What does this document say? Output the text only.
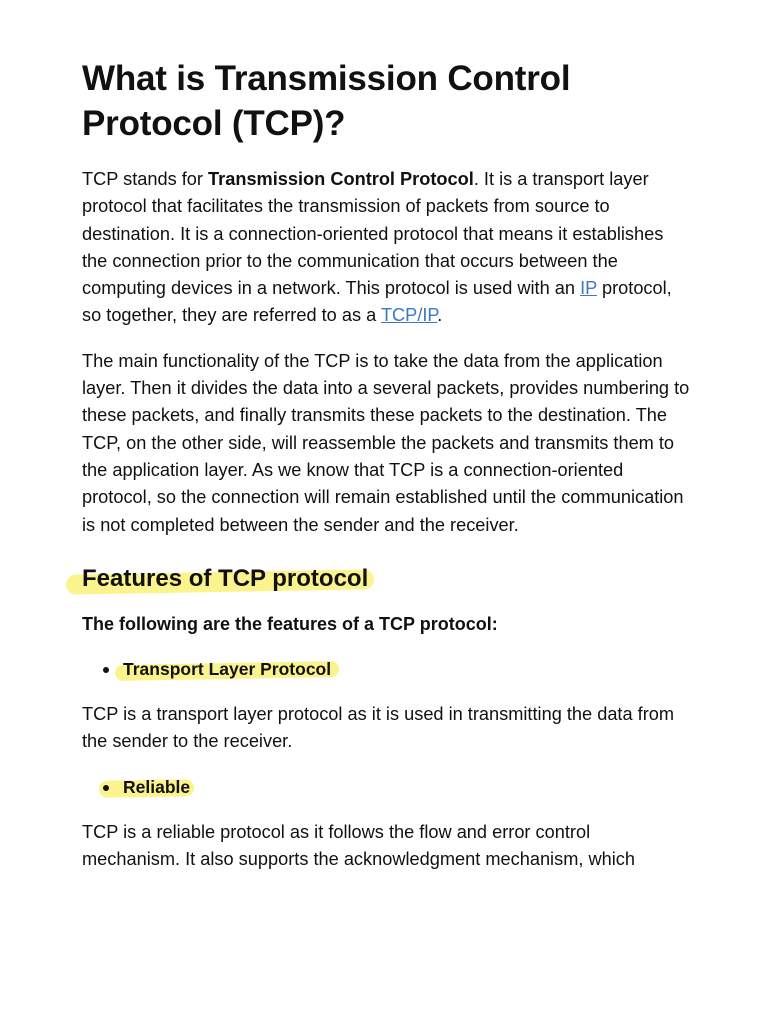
What is Transmission Control Protocol (TCP)?

TCP stands for Transmission Control Protocol. It is a transport layer protocol that facilitates the transmission of packets from source to destination. It is a connection-oriented protocol that means it establishes the connection prior to the communication that occurs between the computing devices in a network. This protocol is used with an IP protocol, so together, they are referred to as a TCP/IP.

The main functionality of the TCP is to take the data from the application layer. Then it divides the data into a several packets, provides numbering to these packets, and finally transmits these packets to the destination. The TCP, on the other side, will reassemble the packets and transmits them to the application layer. As we know that TCP is a connection-oriented protocol, so the connection will remain established until the communication is not completed between the sender and the receiver.

Features of TCP protocol

The following are the features of a TCP protocol:

Transport Layer Protocol

TCP is a transport layer protocol as it is used in transmitting the data from the sender to the receiver.

Reliable

TCP is a reliable protocol as it follows the flow and error control mechanism. It also supports the acknowledgment mechanism, which
